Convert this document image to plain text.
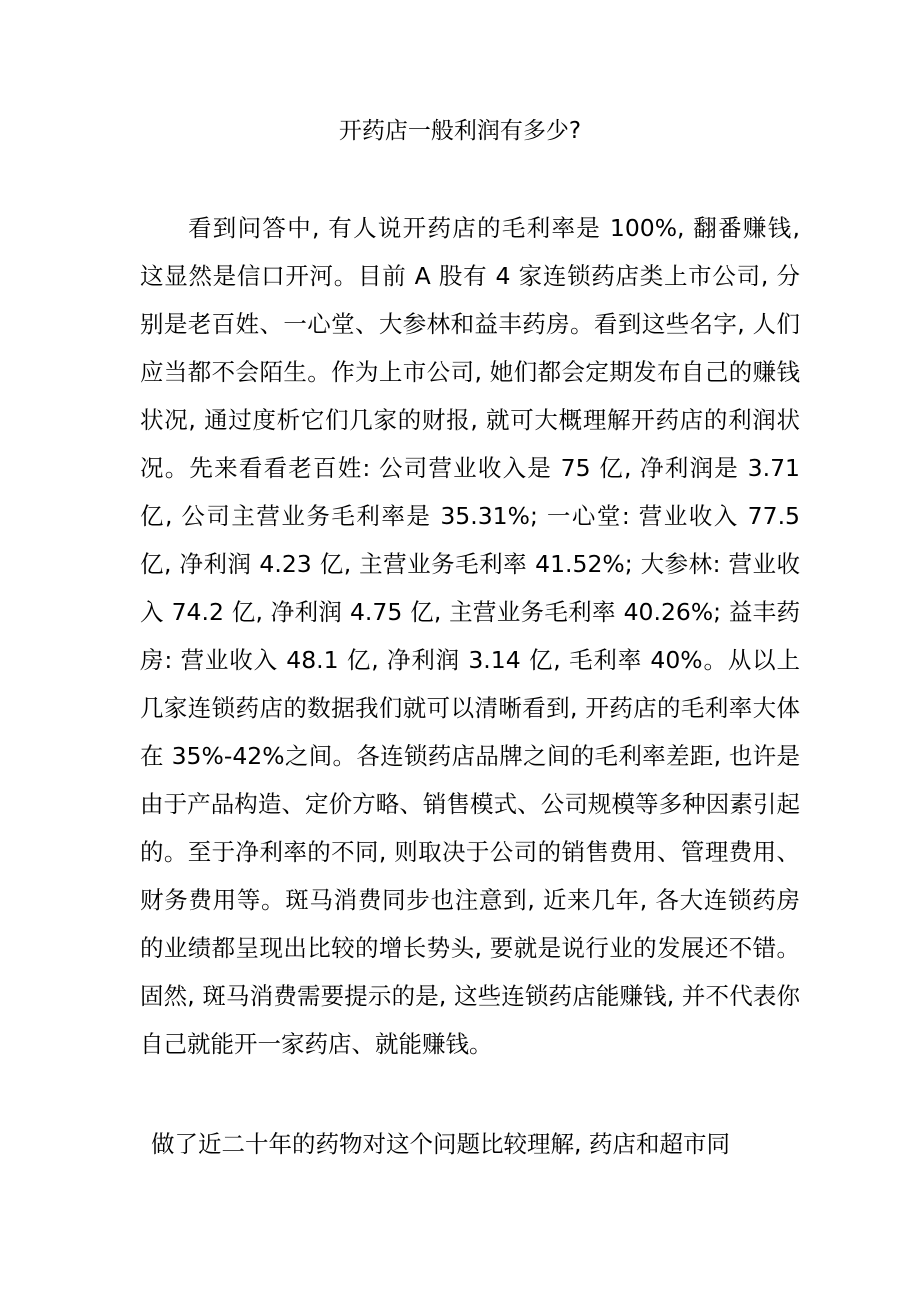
开药店一般利润有多少?

看到问答中, 有人说开药店的毛利率是 100%, 翻番赚钱, 这显然是信口开河。目前 A 股有 4 家连锁药店类上市公司, 分别是老百姓、一心堂、大参林和益丰药房。看到这些名字, 人们应当都不会陌生。作为上市公司, 她们都会定期发布自己的赚钱状况, 通过度析它们几家的财报, 就可大概理解开药店的利润状况。先来看看老百姓: 公司营业收入是 75 亿, 净利润是 3.71 亿, 公司主营业务毛利率是 35.31%; 一心堂: 营业收入 77.5 亿, 净利润 4.23 亿, 主营业务毛利率 41.52%; 大参林: 营业收入 74.2 亿, 净利润 4.75 亿, 主营业务毛利率 40.26%; 益丰药房: 营业收入 48.1 亿, 净利润 3.14 亿, 毛利率 40%。从以上几家连锁药店的数据我们就可以清晰看到, 开药店的毛利率大体在 35%-42%之间。各连锁药店品牌之间的毛利率差距, 也许是由于产品构造、定价方略、销售模式、公司规模等多种因素引起的。至于净利率的不同, 则取决于公司的销售费用、管理费用、财务费用等。斑马消费同步也注意到, 近来几年, 各大连锁药房的业绩都呈现出比较的增长势头, 要就是说行业的发展还不错。固然, 斑马消费需要提示的是, 这些连锁药店能赚钱, 并不代表你自己就能开一家药店、就能赚钱。

做了近二十年的药物对这个问题比较理解, 药店和超市同
